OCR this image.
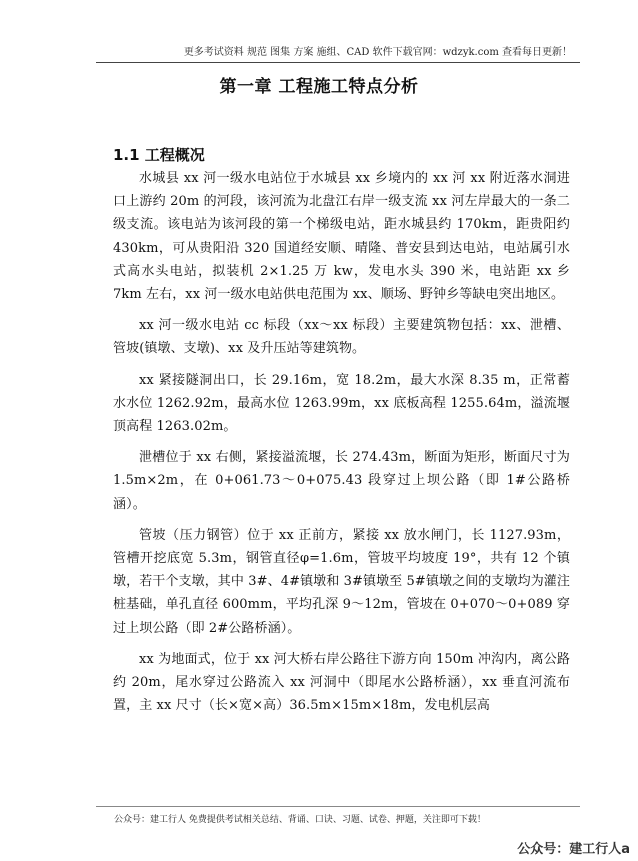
更多考试资料 规范 图集 方案 施组、CAD 软件下载官网：wdzyk.com 查看每日更新！
第一章 工程施工特点分析
1.1 工程概况

水城县 xx 河一级水电站位于水城县 xx 乡境内的 xx 河 xx 附近落水洞进口上游约 20m 的河段，该河流为北盘江右岸一级支流 xx 河左岸最大的一条二级支流。该电站为该河段的第一个梯级电站，距水城县约 170km，距贵阳约 430km，可从贵阳沿 320 国道经安顺、晴隆、普安县到达电站，电站属引水式高水头电站，拟装机 2×1.25 万 kw，发电水头 390 米，电站距 xx 乡 7km 左右，xx 河一级水电站供电范围为 xx、顺场、野钟乡等缺电突出地区。

xx 河一级水电站 cc 标段（xx～xx 标段）主要建筑物包括：xx、泄槽、管坡(镇墩、支墩)、xx 及升压站等建筑物。

xx 紧接隧洞出口，长 29.16m，宽 18.2m，最大水深 8.35 m，正常蓄水水位 1262.92m，最高水位 1263.99m，xx 底板高程 1255.64m，溢流堰顶高程 1263.02m。

泄槽位于 xx 右侧，紧接溢流堰，长 274.43m，断面为矩形，断面尺寸为 1.5m×2m，在 0+061.73～0+075.43 段穿过上坝公路（即 1#公路桥涵）。

管坡（压力钢管）位于 xx 正前方，紧接 xx 放水闸门，长 1127.93m，管槽开挖底宽 5.3m，钢管直径φ=1.6m，管坡平均坡度 19°，共有 12 个镇墩，若干个支墩，其中 3#、4#镇墩和 3#镇墩至 5#镇墩之间的支墩均为灌注桩基础，单孔直径 600mm，平均孔深 9～12m，管坡在 0+070～0+089 穿过上坝公路（即 2#公路桥涵）。

xx 为地面式，位于 xx 河大桥右岸公路往下游方向 150m 冲沟内，离公路约 20m，尾水穿过公路流入 xx 河洞中（即尾水公路桥涵），xx 垂直河流布置，主 xx 尺寸（长×宽×高）36.5m×15m×18m，发电机层高

公众号：建工行人 免费提供考试相关总结、背诵、口诀、习题、试卷、押题，关注即可下载！
公众号：建工行人a
